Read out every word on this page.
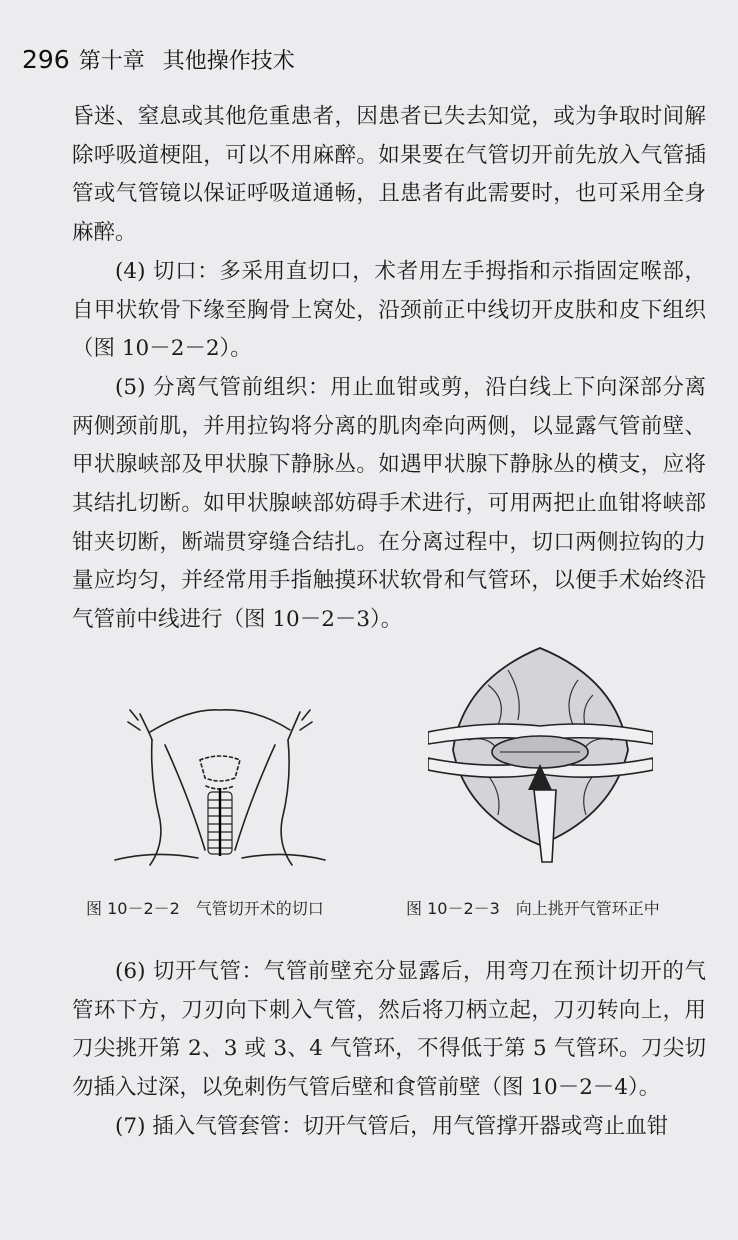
296 第十章 其他操作技术

昏迷、窒息或其他危重患者，因患者已失去知觉，或为争取时间解除呼吸道梗阻，可以不用麻醉。如果要在气管切开前先放入气管插管或气管镜以保证呼吸道通畅，且患者有此需要时，也可采用全身麻醉。

(4) 切口：多采用直切口，术者用左手拇指和示指固定喉部，自甲状软骨下缘至胸骨上窝处，沿颈前正中线切开皮肤和皮下组织（图 10－2－2）。

(5) 分离气管前组织：用止血钳或剪，沿白线上下向深部分离两侧颈前肌，并用拉钩将分离的肌肉牵向两侧，以显露气管前壁、甲状腺峡部及甲状腺下静脉丛。如遇甲状腺下静脉丛的横支，应将其结扎切断。如甲状腺峡部妨碍手术进行，可用两把止血钳将峡部钳夹切断，断端贯穿缝合结扎。在分离过程中，切口两侧拉钩的力量应均匀，并经常用手指触摸环状软骨和气管环，以便手术始终沿气管前中线进行（图 10－2－3）。

图 10－2－2　气管切开术的切口	图 10－2－3　向上挑开气管环正中

(6) 切开气管：气管前壁充分显露后，用弯刀在预计切开的气管环下方，刀刃向下刺入气管，然后将刀柄立起，刀刃转向上，用刀尖挑开第 2、3 或 3、4 气管环，不得低于第 5 气管环。刀尖切勿插入过深，以免刺伤气管后壁和食管前壁（图 10－2－4）。

(7) 插入气管套管：切开气管后，用气管撑开器或弯止血钳
